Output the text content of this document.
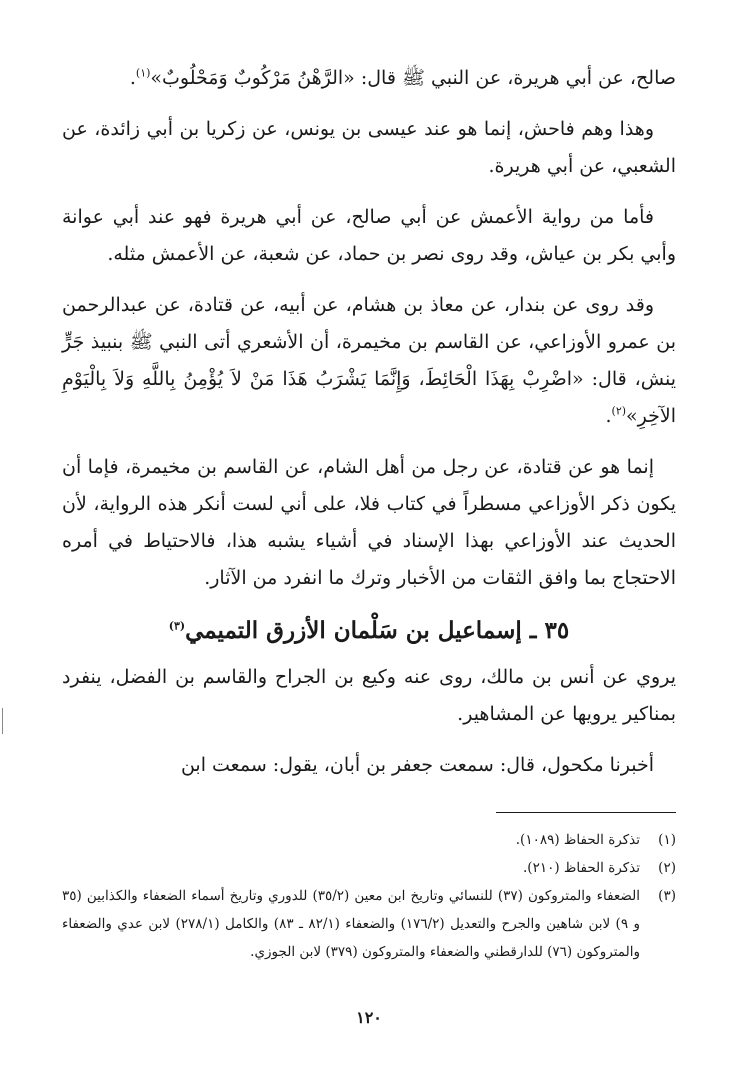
صالح، عن أبي هريرة، عن النبي ﷺ قال: «الرَّهْنُ مَرْكُوبٌ وَمَحْلُوبٌ»$^{(١)}$.

وهذا وهم فاحش، إنما هو عند عيسى بن يونس، عن زكريا بن أبي زائدة، عن الشعبي، عن أبي هريرة.

فأما من رواية الأعمش عن أبي صالح، عن أبي هريرة فهو عند أبي عوانة وأبي بكر بن عياش، وقد روى نصر بن حماد، عن شعبة، عن الأعمش مثله.

وقد روى عن بندار، عن معاذ بن هشام، عن أبيه، عن قتادة، عن عبدالرحمن بن عمرو الأوزاعي، عن القاسم بن مخيمرة، أن الأشعري أتى النبي ﷺ بنبيذ جَرٍّ ينش، قال: «اضْرِبْ بِهَذَا الْحَائِطَ، وَإِنَّمَا يَشْرَبُ هَذَا مَنْ لاَ يُؤْمِنُ بِاللَّهِ وَلاَ بِالْيَوْمِ الآخِرِ»$^{(٢)}$.

إنما هو عن قتادة، عن رجل من أهل الشام، عن القاسم بن مخيمرة، فإما أن يكون ذكر الأوزاعي مسطراً في كتاب فلا، على أني لست أنكر هذه الرواية، لأن الحديث عند الأوزاعي بهذا الإسناد في أشياء يشبه هذا، فالاحتياط في أمره الاحتجاج بما وافق الثقات من الأخبار وترك ما انفرد من الآثار.

٣٥ ـ إسماعيل بن سَلْمان الأزرق التميمي$^{(٣)}$

يروي عن أنس بن مالك، روى عنه وكيع بن الجراح والقاسم بن الفضل، ينفرد بمناكير يرويها عن المشاهير.

أخبرنا مكحول، قال: سمعت جعفر بن أبان، يقول: سمعت ابن

(١)
تذكرة الحفاظ (١٠٨٩).
(٢)
تذكرة الحفاظ (٢١٠).
(٣)
الضعفاء والمتروكون (٣٧) للنسائي وتاريخ ابن معين (٣٥/٢) للدوري وتاريخ أسماء الضعفاء والكذابين (٣٥ و ٩) لابن شاهين والجرح والتعديل (١٧٦/٢) والضعفاء (٨٢/١ ـ ٨٣) والكامل (٢٧٨/١) لابن عدي والضعفاء والمتروكون (٧٦) للدارقطني والضعفاء والمتروكون (٣٧٩) لابن الجوزي.
١٢٠
